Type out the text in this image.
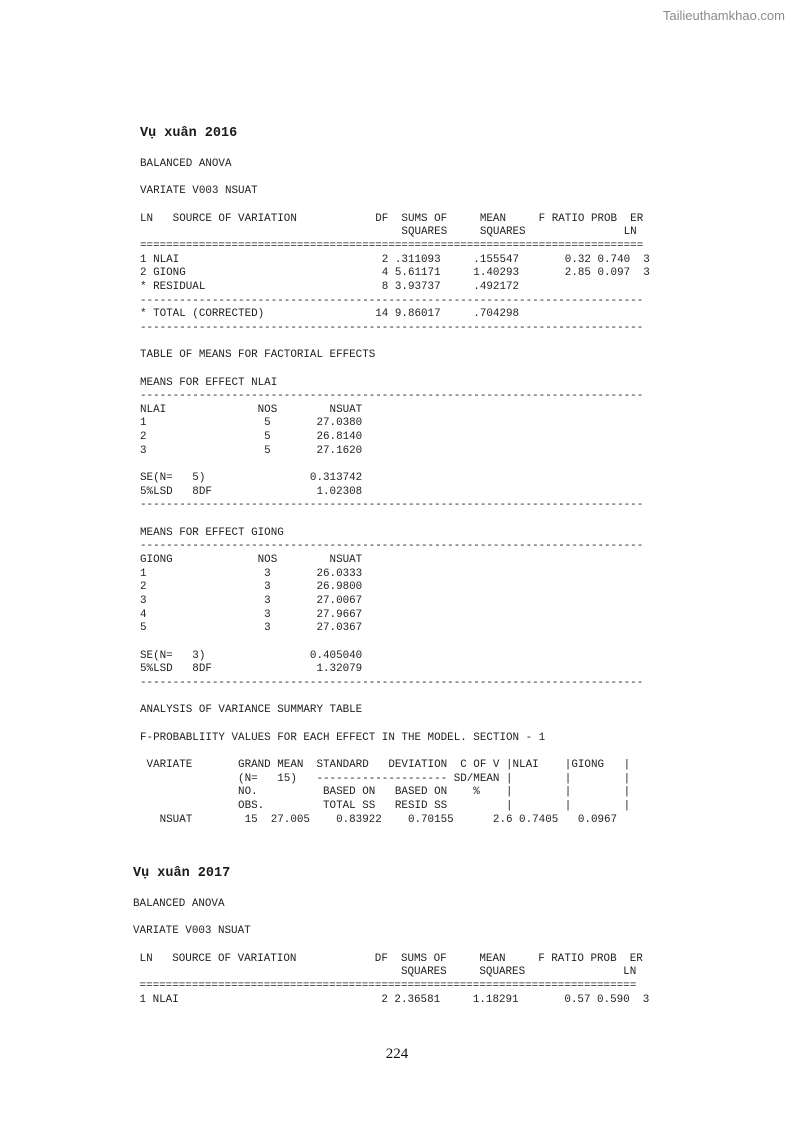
Tailieuthamkhao.com
Vụ xuân 2016
BALANCED ANOVA

VARIATE V003 NSUAT

LN   SOURCE OF VARIATION            DF  SUMS OF     MEAN     F RATIO PROB  ER
SQUARES     SQUARES               LN
=============================================================================
1 NLAI                               2 .311093     .155547       0.32 0.740  3
2 GIONG                              4 5.61171     1.40293       2.85 0.097  3
* RESIDUAL                           8 3.93737     .492172
-----------------------------------------------------------------------------
* TOTAL (CORRECTED)                 14 9.86017     .704298
-----------------------------------------------------------------------------

TABLE OF MEANS FOR FACTORIAL EFFECTS

MEANS FOR EFFECT NLAI
-----------------------------------------------------------------------------
NLAI              NOS        NSUAT
1                  5       27.0380
2                  5       26.8140
3                  5       27.1620

SE(N=   5)                0.313742
5%LSD   8DF                1.02308
-----------------------------------------------------------------------------

MEANS FOR EFFECT GIONG
-----------------------------------------------------------------------------
GIONG             NOS        NSUAT
1                  3       26.0333
2                  3       26.9800
3                  3       27.0067
4                  3       27.9667
5                  3       27.0367

SE(N=   3)                0.405040
5%LSD   8DF                1.32079
-----------------------------------------------------------------------------

ANALYSIS OF VARIANCE SUMMARY TABLE

F-PROBABLIITY VALUES FOR EACH EFFECT IN THE MODEL. SECTION - 1

VARIATE       GRAND MEAN  STANDARD   DEVIATION  C OF V |NLAI    |GIONG   |
(N=   15)   -------------------- SD/MEAN |        |        |
NO.          BASED ON   BASED ON    %    |        |        |
OBS.         TOTAL SS   RESID SS         |        |        |
NSUAT        15  27.005    0.83922    0.70155      2.6 0.7405   0.0967
Vụ xuân 2017
BALANCED ANOVA

VARIATE V003 NSUAT

LN   SOURCE OF VARIATION            DF  SUMS OF     MEAN     F RATIO PROB  ER
SQUARES     SQUARES               LN
============================================================================
1 NLAI                               2 2.36581     1.18291       0.57 0.590  3
224
